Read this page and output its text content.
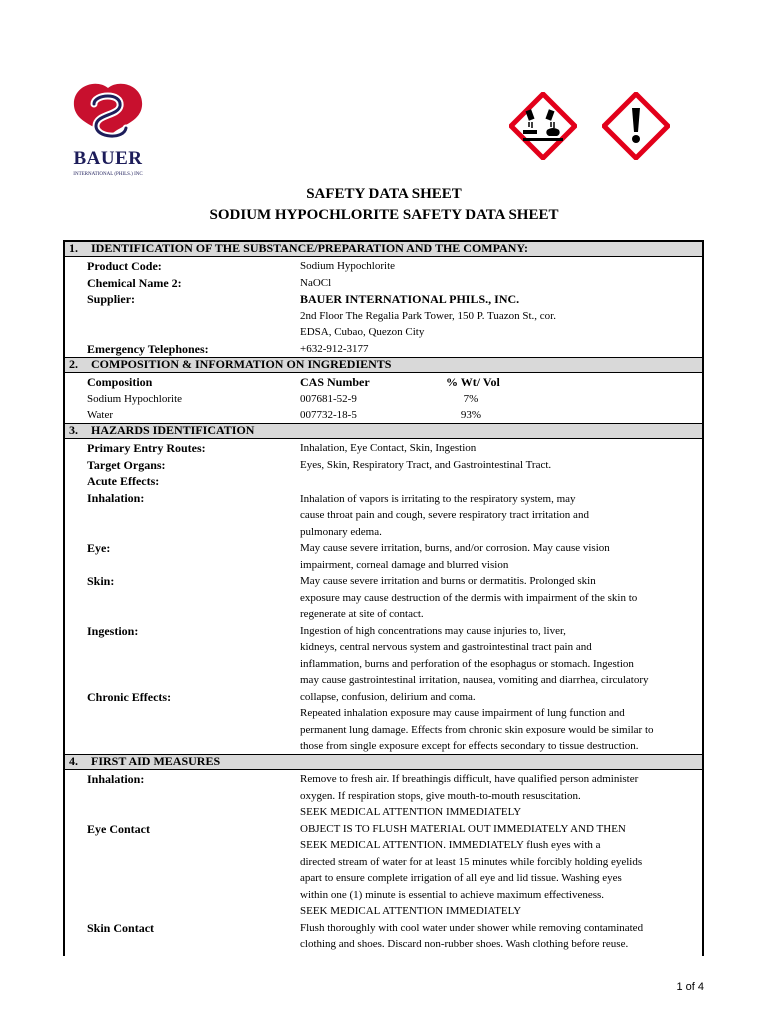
BAUER
INTERNATIONAL (PHILS.) INC
SAFETY DATA SHEET
SODIUM HYPOCHLORITE SAFETY DATA SHEET
1. IDENTIFICATION OF THE SUBSTANCE/PREPARATION AND THE COMPANY:
Product Code:	Sodium Hypochlorite
Chemical Name 2:	NaOCl
Supplier:	BAUER INTERNATIONAL PHILS., INC.
2nd Floor The Regalia Park Tower, 150 P. Tuazon St., cor.
EDSA, Cubao, Quezon City
Emergency Telephones:	+632-912-3177
2. COMPOSITION & INFORMATION ON INGREDIENTS
Composition	CAS Number	% Wt/ Vol
Sodium Hypochlorite	007681-52-9	7%
Water	007732-18-5	93%
3. HAZARDS IDENTIFICATION
Primary Entry Routes:	Inhalation, Eye Contact, Skin, Ingestion
Target Organs:	Eyes, Skin, Respiratory Tract, and Gastrointestinal Tract.
Acute Effects:
Inhalation:	Inhalation of vapors is irritating to the respiratory system, may
cause throat pain and cough, severe respiratory tract irritation and
pulmonary edema.
Eye:	May cause severe irritation, burns, and/or corrosion. May cause vision
impairment, corneal damage and blurred vision
Skin:	May cause severe irritation and burns or dermatitis. Prolonged skin
exposure may cause destruction of the dermis with impairment of the skin to
regenerate at site of contact.
Ingestion:	Ingestion of high concentrations may cause injuries to, liver,
kidneys, central nervous system and gastrointestinal tract pain and
inflammation, burns and perforation of the esophagus or stomach. Ingestion
may cause gastrointestinal irritation, nausea, vomiting and diarrhea, circulatory
collapse, confusion, delirium and coma.
Chronic Effects:
Repeated inhalation exposure may cause impairment of lung function and
permanent lung damage. Effects from chronic skin exposure would be similar to
those from single exposure except for effects secondary to tissue destruction.
4. FIRST AID MEASURES
Inhalation:	Remove to fresh air. If breathingis difficult, have qualified person administer
oxygen. If respiration stops, give mouth-to-mouth resuscitation.
SEEK MEDICAL ATTENTION IMMEDIATELY
Eye Contact	OBJECT IS TO FLUSH MATERIAL OUT IMMEDIATELY AND THEN
SEEK MEDICAL ATTENTION. IMMEDIATELY flush eyes with a
directed stream of water for at least 15 minutes while forcibly holding eyelids
apart to ensure complete irrigation of all eye and lid tissue. Washing eyes
within one (1) minute is essential to achieve maximum effectiveness.
SEEK MEDICAL ATTENTION IMMEDIATELY
Skin Contact	Flush thoroughly with cool water under shower while removing contaminated
clothing and shoes. Discard non-rubber shoes. Wash clothing before reuse.
1 of 4
